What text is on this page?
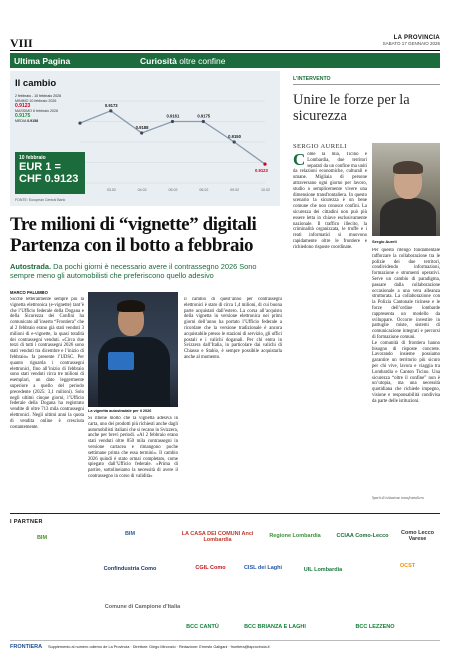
VIII	LA PROVINCIA
SABATO 17 GENNAIO 2026
Ultima Pagina	Curiosità oltre confine
0.9173
0.9188
0.9161	0.9175
0.9150
0.9123
03.02	04.02	05.02	06.02	09.02	10.02
Il cambio
2 febbraio - 10 febbraio 2026
MINIMO 10 febbraio 2026
0.9123
MASSIMO 6 febbraio 2026
0.9175
MEDIA 0.9158
10 febbraio
EUR 1 =
CHF 0.9123
FONTE: European Central Bank
L’INTERVENTO
Unire le forze per la sicurezza
SERGIO AURELI
Sergio Aureli
Come la mia, Ticino e Lombardia, due territori separati da un confine ma uniti da relazioni economiche, culturali e umane. Migliaia di persone attraversano ogni giorno per lavoro, studio o semplicemente vivere una dimensione transfrontaliera. In questo scenario la sicurezza è un bene comune che non conosce confini. La sicurezza dei cittadini non può più essere letta in chiave esclusivamente nazionale. Il traffico illecito, la criminalità organizzata, le truffe e i reati informatici si muovono rapidamente oltre le frontiere e richiedono risposte coordinate.
Per questo ritengo fondamentale rafforzare la collaborazione tra le polizie dei due territori, condividendo informazioni, formazione e strumenti operativi. Serve un cambio di paradigma, passare dalla collaborazione occasionale a una vera alleanza strutturata. La collaborazione con la Polizia Cantonale ticinese e le forze dell’ordine lombarde rappresenta un modello da sviluppare. Occorre investire in pattuglie miste, sistemi di comunicazione integrati e percorsi di formazione comuni.
Le comunità di frontiera hanno bisogno di risposte concrete. Lavorando insieme possiamo garantire un territorio più sicuro per chi vive, lavora e viaggia tra Lombardia e Canton Ticino. Una sicurezza “oltre il confine” non è un’utopia, ma una necessità quotidiana che richiede impegno, visione e responsabilità condivisa da parte delle istituzioni.
Sparti di istituzione transfrontaliera
Tre milioni di “vignette” digitali Partenza con il botto a febbraio
Autostrada. Da pochi giorni è necessario avere il contrassegno 2026 Sono sempre meno gli automobilisti che preferiscono quello adesivo
MARCO PALUMBO
Sicché letteralmente sempre più la vignetta elettronica (e-vignette) tant’è che l’Ufficio federale della Dogana e della Sicurezza dei Confini ha comunicato all’inserto “Frontiera” che al 2 febbraio erano già stati venduti 3 milioni di e-vignette, la quasi totalità dei contrassegni venduti. «Circa due terzi di tutti i contrassegni 2026 sono stati venduti tra dicembre e l’inizio di febbraio» fa presente l’UDSC. Per quanto riguarda i contrassegni elettronici, fino all’inizio di febbraio sono stati venduti circa tre milioni di esemplari, un dato leggermente superiore a quello del periodo precedente (2025: 3,1 milioni). Solo negli ultimi cinque giorni, l’Ufficio federale della Dogana ha registrato vendite di oltre 713 mila contrassegni elettronici. Negli ultimi anni la quota di vendita online è cresciuta costantemente.
La vignetta autostradale per il 2026
Si ritiene molto che la vignetta adesiva in carta, uno dei prodotti più richiesti anche dagli automobilisti italiani che si recano in Svizzera, anche per brevi periodi. «Al 2 febbraio erano stati venduti oltre 850 mila contrassegni in versione cartacea e rimangono poche settimane prima che essa termini». Il cambio 2026 quindi è stato ormai completato, come spiegato dall’Ufficio federale. «Prima di partire, sottolineiamo la necessità di avere il contrassegno in corso di validità»
il cambio di quest’anno per contrassegni elettronici è stato di circa 1,4 milioni, di cui buona parte acquistati dall’estero. La corsa all’acquisto della vignetta in versione elettronica nei primi giorni dell’anno ha portato l’Ufficio federale a ricordare che la versione tradizionale è ancora acquistabile presso le stazioni di servizio, gli uffici postali e i valichi doganali. Per chi entra in Svizzera dall’Italia, in particolare dai valichi di Chiasso e Stabio, è sempre possibile acquistarla anche al momento.
I PARTNER
BIM
BIM	LA CASA DEI COMUNI Anci Lombardia
Regione Lombardia	CCIAA Como-Lecco	Como Lecco Varese
Confindustria Como	CGIL Como	CISL dei Laghi	UIL Lombardia
OCST
Comune di Campione d’Italia
BCC CANTÙ	BCC BRIANZA E LAGHI	BCC LEZZENO
FRONTIERA Supplemento al numero odierno de La Provincia · Direttore: Diego Minonzio · Redazione: Ernesto Galigani · frontiera@laprovincia.it
